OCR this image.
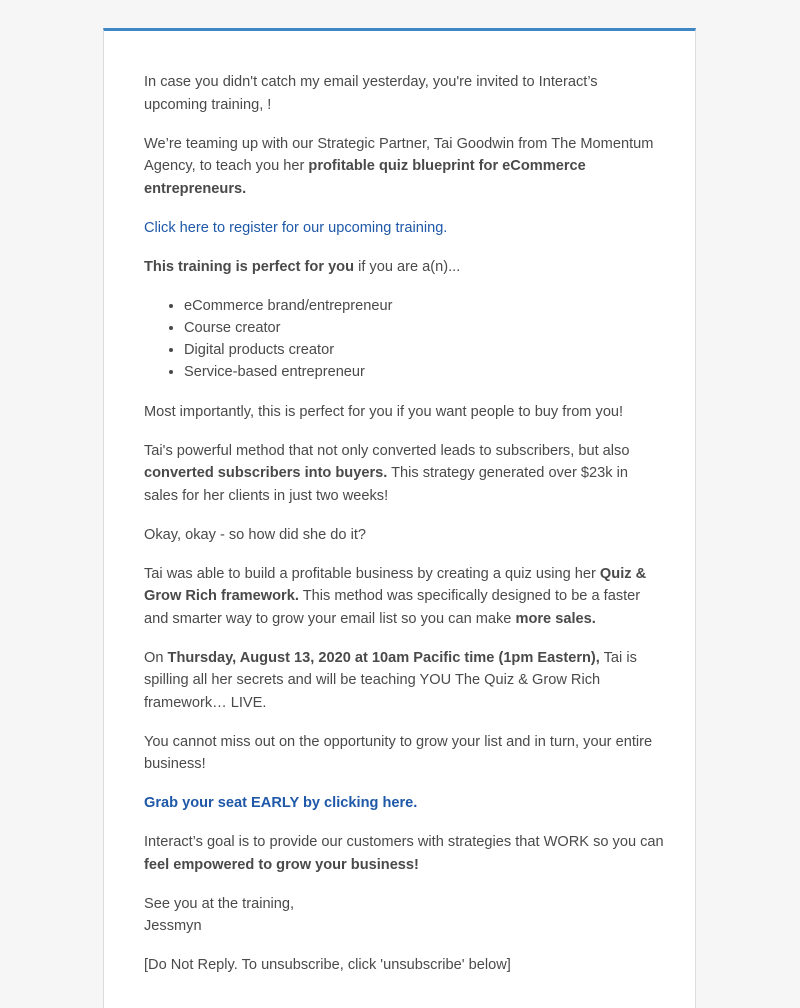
In case you didn't catch my email yesterday, you're invited to Interact’s upcoming training, !

We’re teaming up with our Strategic Partner, Tai Goodwin from The Momentum Agency, to teach you her profitable quiz blueprint for eCommerce entrepreneurs.

Click here to register for our upcoming training.

This training is perfect for you if you are a(n)...

• eCommerce brand/entrepreneur
• Course creator
• Digital products creator
• Service-based entrepreneur

Most importantly, this is perfect for you if you want people to buy from you!

Tai's powerful method that not only converted leads to subscribers, but also converted subscribers into buyers. This strategy generated over $23k in sales for her clients in just two weeks!

Okay, okay - so how did she do it?

Tai was able to build a profitable business by creating a quiz using her Quiz & Grow Rich framework. This method was specifically designed to be a faster and smarter way to grow your email list so you can make more sales.

On Thursday, August 13, 2020 at 10am Pacific time (1pm Eastern), Tai is spilling all her secrets and will be teaching YOU The Quiz & Grow Rich framework… LIVE.

You cannot miss out on the opportunity to grow your list and in turn, your entire business!

Grab your seat EARLY by clicking here.

Interact’s goal is to provide our customers with strategies that WORK so you can feel empowered to grow your business!

See you at the training,
Jessmyn

[Do Not Reply. To unsubscribe, click 'unsubscribe' below]
